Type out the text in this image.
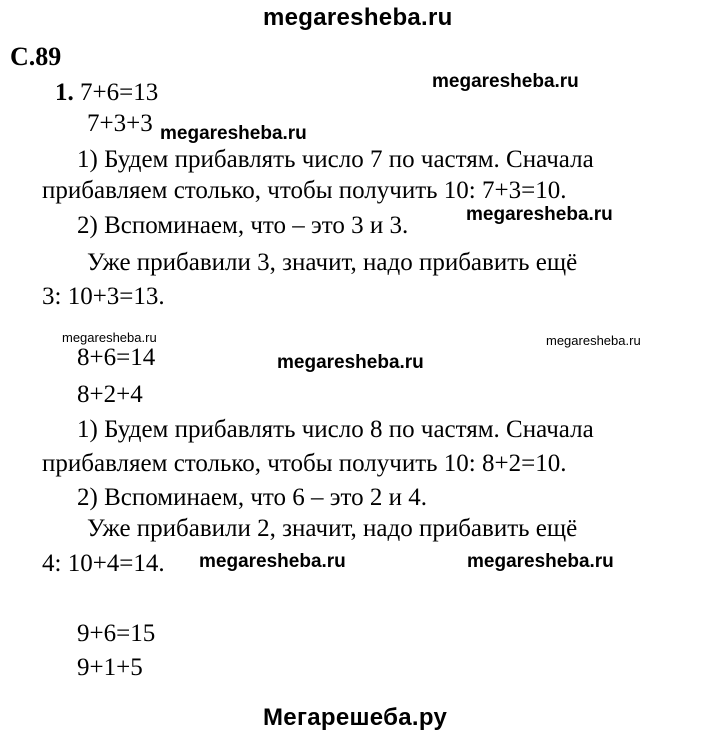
megaresheba.ru
С.89
1. 7+6=13
7+3+3
1) Будем прибавлять число 7 по частям. Сначала
прибавляем столько, чтобы получить 10: 7+3=10.
2) Вспоминаем, что – это 3 и 3.
Уже прибавили 3, значит, надо прибавить ещё
3: 10+3=13.
8+6=14
8+2+4
1) Будем прибавлять число 8 по частям. Сначала
прибавляем столько, чтобы получить 10: 8+2=10.
2) Вспоминаем, что 6 – это 2 и 4.
Уже прибавили 2, значит, надо прибавить ещё
4: 10+4=14.
9+6=15
9+1+5
megaresheba.ru
megaresheba.ru
megaresheba.ru
megaresheba.ru	megaresheba.ru
megaresheba.ru
megaresheba.ru	megaresheba.ru
Мегарешеба.ру
